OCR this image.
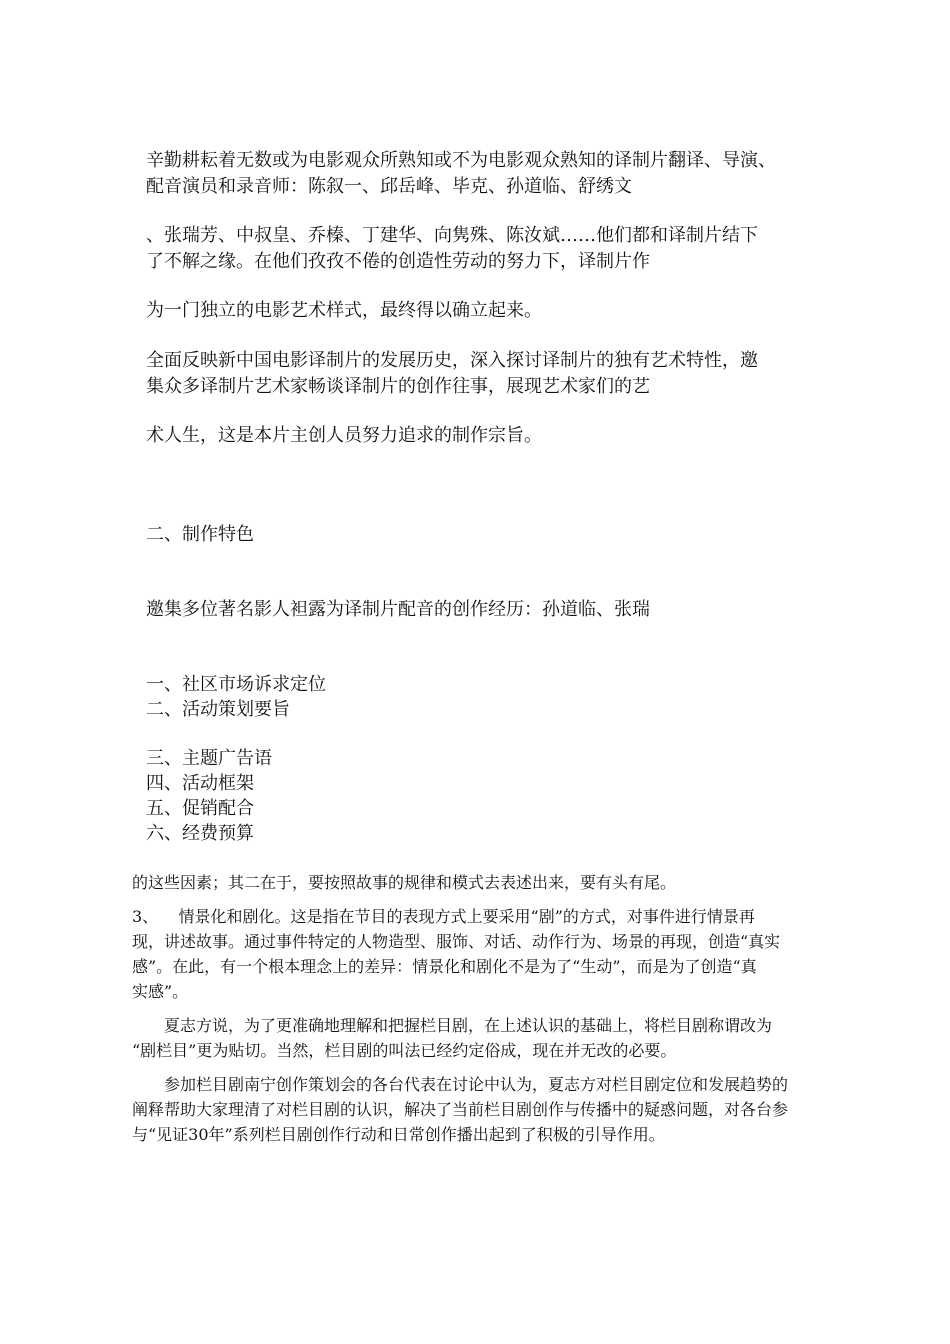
辛勤耕耘着无数或为电影观众所熟知或不为电影观众熟知的译制片翻译、导演、

配音演员和录音师：陈叙一、邱岳峰、毕克、孙道临、舒绣文

、张瑞芳、中叔皇、乔榛、丁建华、向隽殊、陈汝斌……他们都和译制片结下

了不解之缘。在他们孜孜不倦的创造性劳动的努力下，译制片作

为一门独立的电影艺术样式，最终得以确立起来。

全面反映新中国电影译制片的发展历史，深入探讨译制片的独有艺术特性，邀

集众多译制片艺术家畅谈译制片的创作往事，展现艺术家们的艺

术人生，这是本片主创人员努力追求的制作宗旨。

二、制作特色

邀集多位著名影人袒露为译制片配音的创作经历：孙道临、张瑞

一、社区市场诉求定位

二、活动策划要旨

三、主题广告语

四、活动框架

五、促销配合

六、经费预算

的这些因素；其二在于，要按照故事的规律和模式去表述出来，要有头有尾。

3、    情景化和剧化。这是指在节目的表现方式上要采用“剧”的方式，对事件进行情景再

现，讲述故事。通过事件特定的人物造型、服饰、对话、动作行为、场景的再现，创造“真实

感”。在此，有一个根本理念上的差异：情景化和剧化不是为了“生动”，而是为了创造“真

实感”。

夏志方说，为了更准确地理解和把握栏目剧，在上述认识的基础上，将栏目剧称谓改为

“剧栏目”更为贴切。当然，栏目剧的叫法已经约定俗成，现在并无改的必要。

参加栏目剧南宁创作策划会的各台代表在讨论中认为，夏志方对栏目剧定位和发展趋势的

阐释帮助大家理清了对栏目剧的认识，解决了当前栏目剧创作与传播中的疑惑问题，对各台参

与“见证30年”系列栏目剧创作行动和日常创作播出起到了积极的引导作用。
